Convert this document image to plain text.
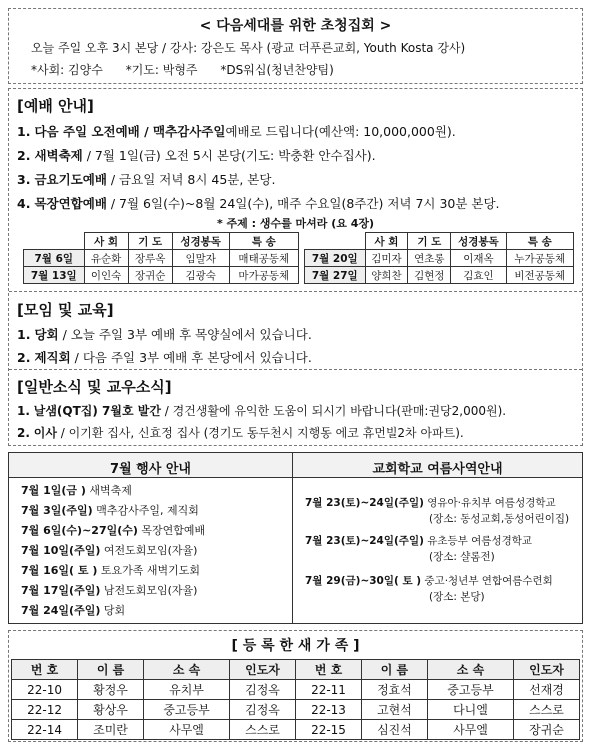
< 다음세대를 위한 초청집회 >
오늘 주일 오후 3시 본당 / 강사: 강은도 목사 (광교 더푸른교회, Youth Kosta 강사)
*사회: 김양수      *기도: 박형주      *DS워십(청년찬양팀)
[예배 안내]
1. 다음 주일 오전예배 / 맥추감사주일예배로 드립니다(예산액: 10,000,000원).
2. 새벽축제 / 7월 1일(금) 오전 5시 본당(기도: 박충환 안수집사).
3. 금요기도예배 / 금요일 저녁 8시 45분, 본당.
4. 목장연합예배 / 7월 6일(수)~8월 24일(수), 매주 수요일(8주간) 저녁 7시 30분 본당.
* 주제 : 생수를 마셔라 (요 4장)
	사 회	기 도	성경봉독	특 송
7월 6일	유순화	장루옥	임말자	매태공동체
7월 13일	이인숙	장귀순	김광숙	마가공동체
	사 회	기 도	성경봉독	특 송
7월 20일	김미자	연초롱	이재옥	누가공동체
7월 27일	양희찬	김현정	김효인	비전공동체
[모임 및 교육]
1. 당회 / 오늘 주일 3부 예배 후 목양실에서 있습니다.
2. 제직회 / 다음 주일 3부 예배 후 본당에서 있습니다.
[일반소식 및 교우소식]
1. 날샘(QT집) 7월호 발간 / 경건생활에 유익한 도움이 되시기 바랍니다(판매:권당2,000원).
2. 이사 / 이기환 집사, 신효정 집사 (경기도 동두천시 지행동 에코 휴먼빌2차 아파트).
7월 행사 안내	교회학교 여름사역안내
7월 1일(금 ) 새벽축제
7월 3일(주일) 맥추감사주일, 제직회
7월 6일(수)~27일(수) 목장연합예배
7월 10일(주일) 여전도회모임(자율)
7월 16일( 토 ) 토요가족 새벽기도회
7월 17일(주일) 남전도회모임(자율)
7월 24일(주일) 당회
7월 23(토)~24일(주일) 영유아·유치부 여름성경학교
(장소: 동성교회,동성어린이집)
7월 23(토)~24일(주일) 유초등부 여름성경학교
(장소: 샬롬전)
7월 29(금)~30일( 토 ) 중고·청년부 연합여름수련회
(장소: 본당)
[ 등 록 한 새 가 족 ]
번 호	이 름	소 속	인도자	번 호	이 름	소 속	인도자
22-10	황정우	유치부	김정옥	22-11	정효석	중고등부	선재경
22-12	황상우	중고등부	김정옥	22-13	고현석	다니엘	스스로
22-14	조미란	사무엘	스스로	22-15	심진석	사무엘	장귀순
